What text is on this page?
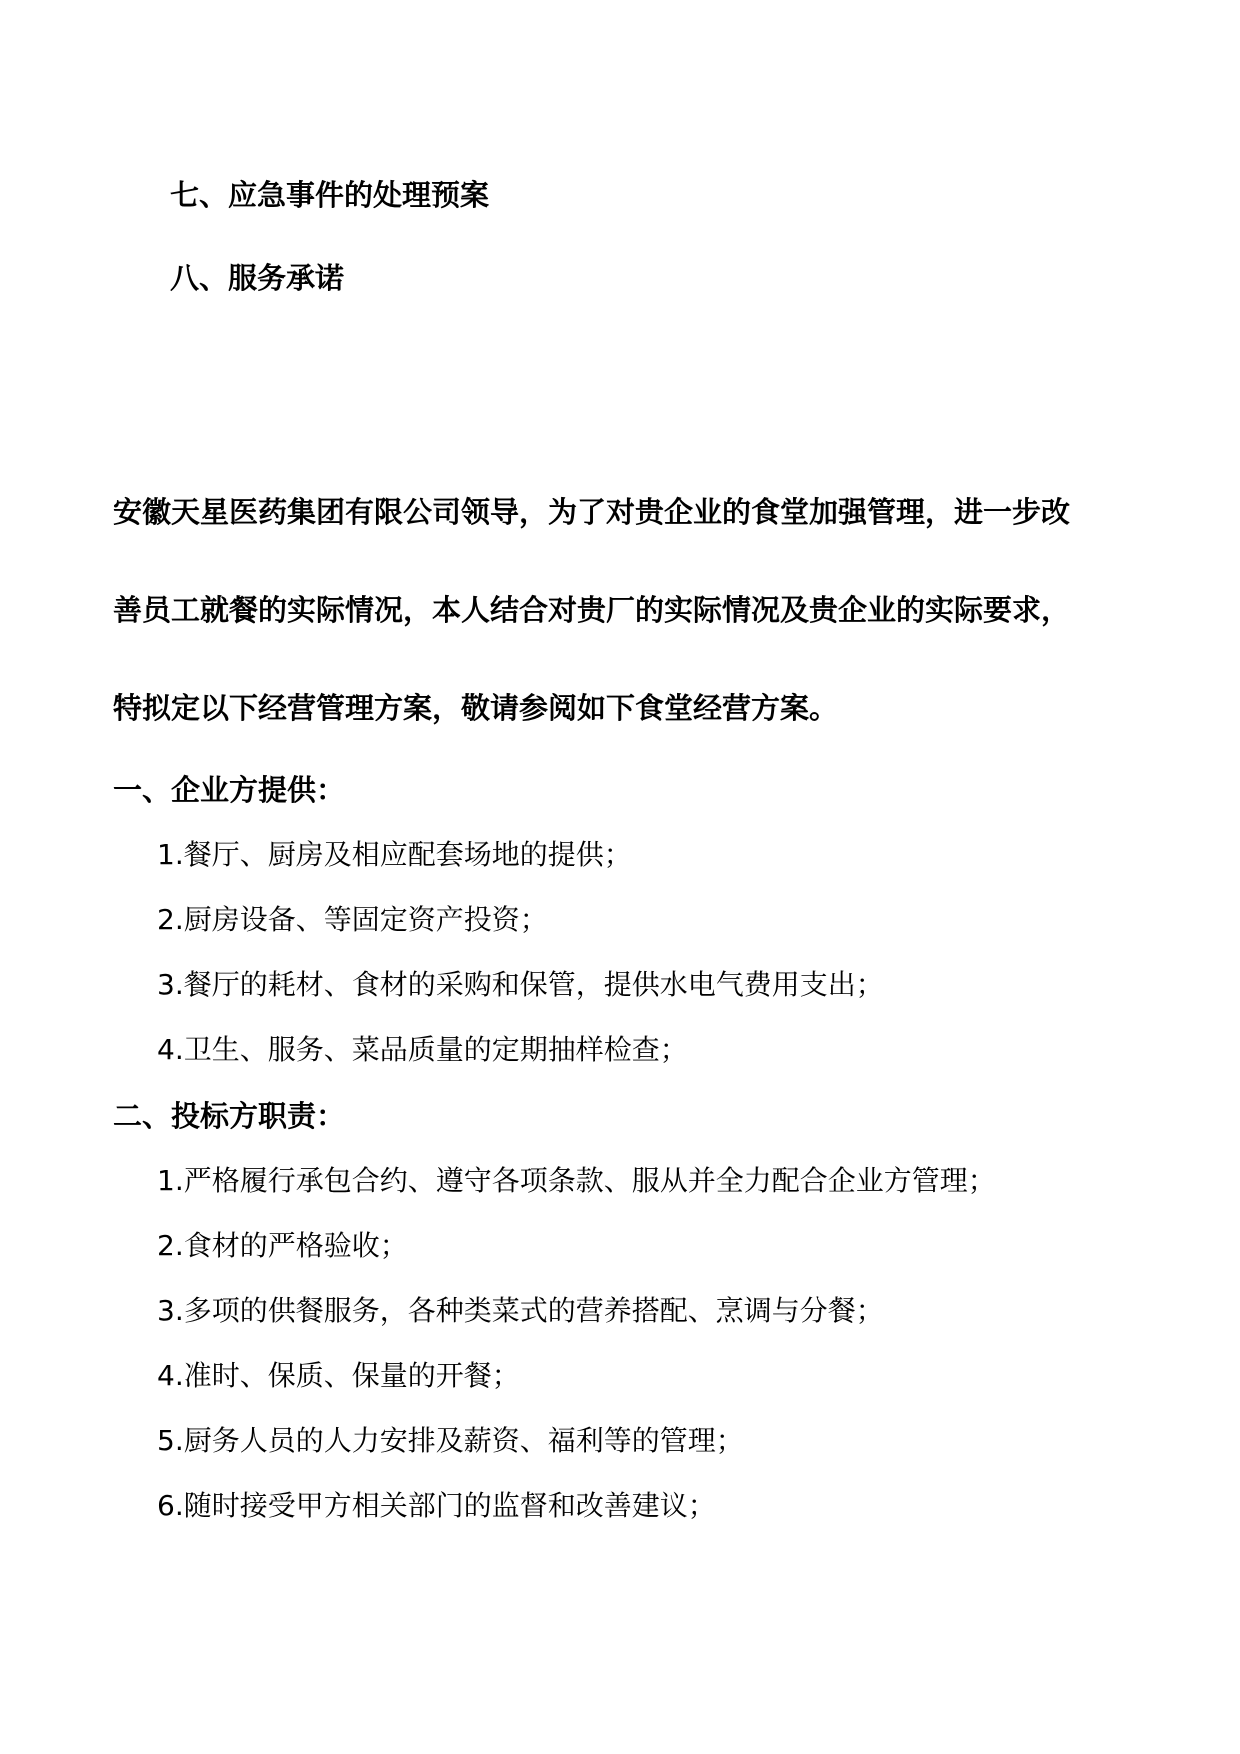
七、应急事件的处理预案

八、服务承诺

安徽天星医药集团有限公司领导，为了对贵企业的食堂加强管理，进一步改

善员工就餐的实际情况，本人结合对贵厂的实际情况及贵企业的实际要求，

特拟定以下经营管理方案，敬请参阅如下食堂经营方案。

一、企业方提供：

1.餐厅、厨房及相应配套场地的提供；

2.厨房设备、等固定资产投资；

3.餐厅的耗材、食材的采购和保管，提供水电气费用支出；

4.卫生、服务、菜品质量的定期抽样检查；

二、投标方职责：

1.严格履行承包合约、遵守各项条款、服从并全力配合企业方管理；

2.食材的严格验收；

3.多项的供餐服务，各种类菜式的营养搭配、烹调与分餐；

4.准时、保质、保量的开餐；

5.厨务人员的人力安排及薪资、福利等的管理；

6.随时接受甲方相关部门的监督和改善建议；
